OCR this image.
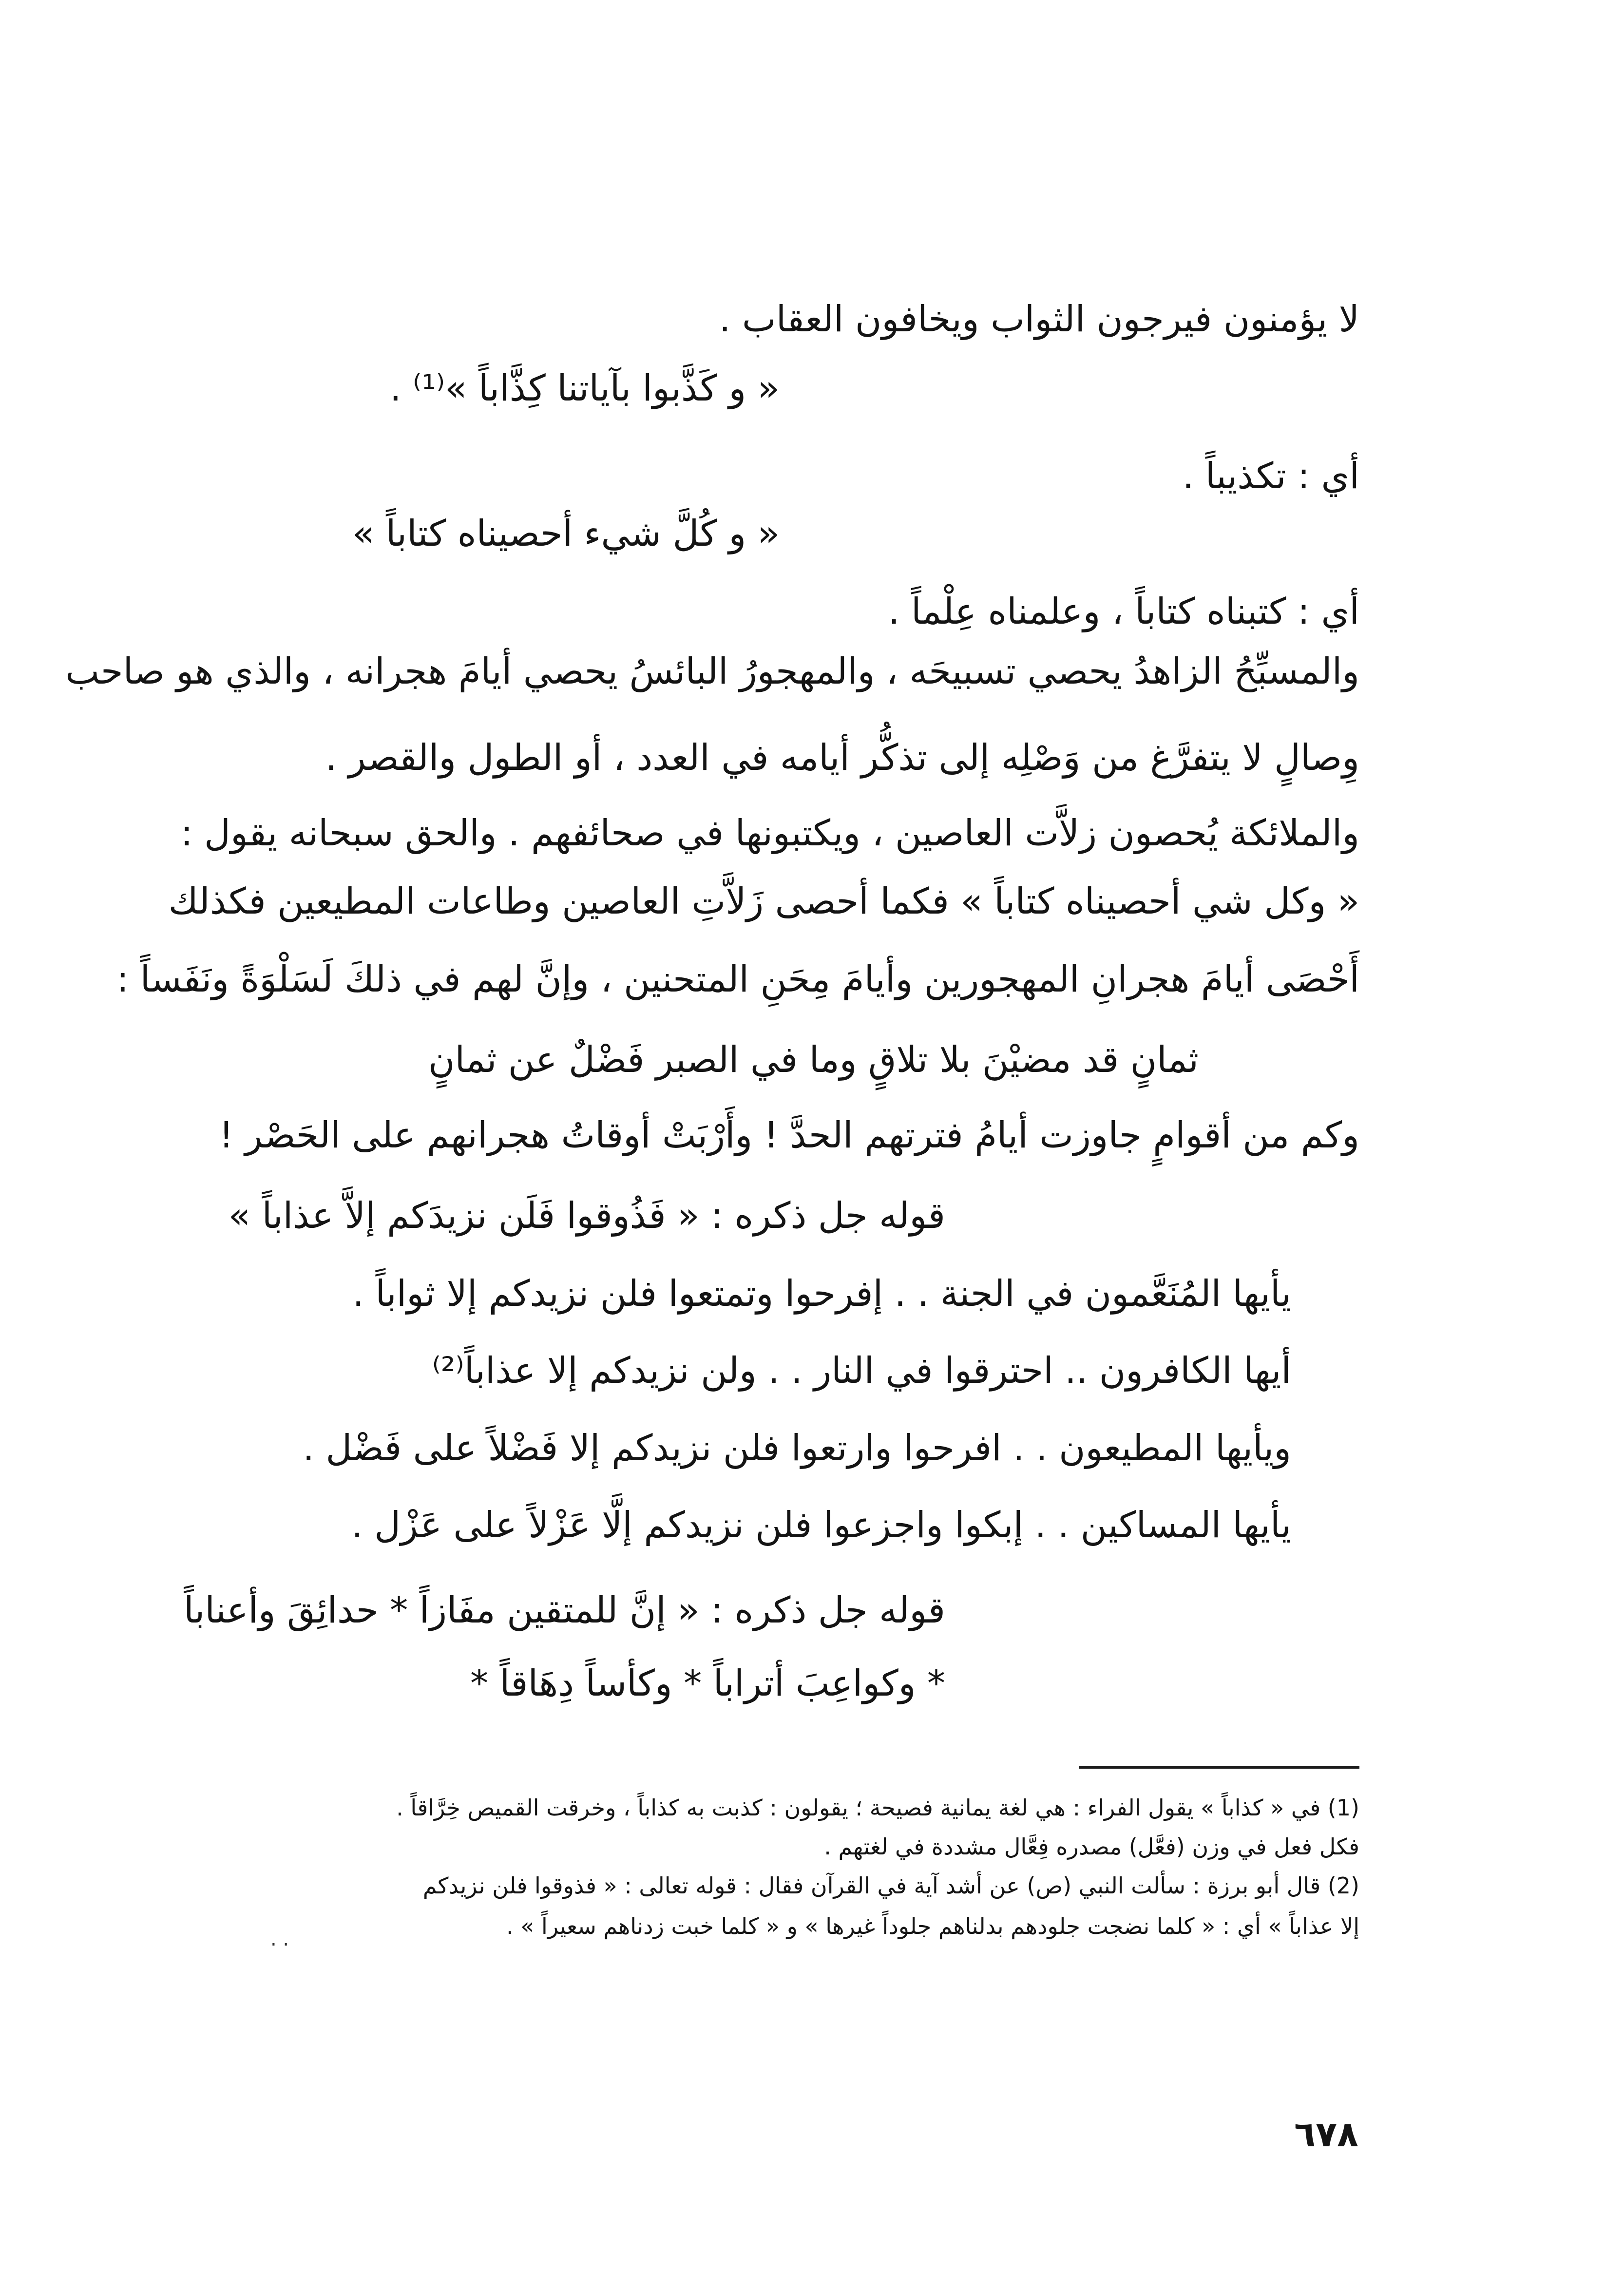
لا يؤمنون فيرجون الثواب ويخافون العقاب .
« و كَذَّبوا بآياتنا كِذَّاباً »⁽¹⁾ .
أي : تكذيباً .
« و كُلَّ شيء أحصيناه كتاباً »
أي : كتبناه كتاباً ، وعلمناه عِلْماً .
والمسبِّحُ الزاهدُ يحصي تسبيحَه ، والمهجورُ البائسُ يحصي أيامَ هجرانه ، والذي هو صاحب
وِصالٍ لا يتفرَّغ من وَصْلِه إلى تذكُّر أيامه في العدد ، أو الطول والقصر .
والملائكة يُحصون زلاَّت العاصين ، ويكتبونها في صحائفهم . والحق سبحانه يقول :
« وكل شي أحصيناه كتاباً » فكما أحصى زَلاَّتِ العاصين وطاعات المطيعين فكذلك
أَحْصَى أيامَ هجرانِ المهجورين وأيامَ مِحَنِ المتحنين ، وإنَّ لهم في ذلكَ لَسَلْوَةً ونَفَساً :
ثمانٍ قد مضيْنَ بلا تلاقٍ وما في الصبر فَضْلٌ عن ثمانٍ
وكم من أقوامٍ جاوزت أيامُ فترتهم الحدَّ ! وأَرْبَتْ أوقاتُ هجرانهم على الحَصْر !
قوله جل ذكره : « فَذُوقوا فَلَن نزيدَكم إلاَّ عذاباً »
يأيها المُنَعَّمون في الجنة . . إفرحوا وتمتعوا فلن نزيدكم إلا ثواباً .
أيها الكافرون .. احترقوا في النار . . ولن نزيدكم إلا عذاباً⁽²⁾
ويأيها المطيعون . . افرحوا وارتعوا فلن نزيدكم إلا فَضْلاً على فَضْل .
يأيها المساكين . . إبكوا واجزعوا فلن نزيدكم إلَّا عَزْلاً على عَزْل .
قوله جل ذكره : « إنَّ للمتقين مفَازاً * حدائِقَ وأعناباً
* وكواعِبَ أتراباً * وكأساً دِهَاقاً *
(1) في « كذاباً » يقول الفراء : هي لغة يمانية فصيحة ؛ يقولون : كذبت به كذاباً ، وخرقت القميص خِرَّاقاً .
فكل فعل في وزن (فعَّل) مصدره فِعَّال مشددة في لغتهم .
(2) قال أبو برزة : سألت النبي (ص) عن أشد آية في القرآن فقال : قوله تعالى : « فذوقوا فلن نزيدكم
إلا عذاباً » أي : « كلما نضجت جلودهم بدلناهم جلوداً غيرها » و « كلما خبت زدناهم سعيراً » .
. .
٦٧٨
